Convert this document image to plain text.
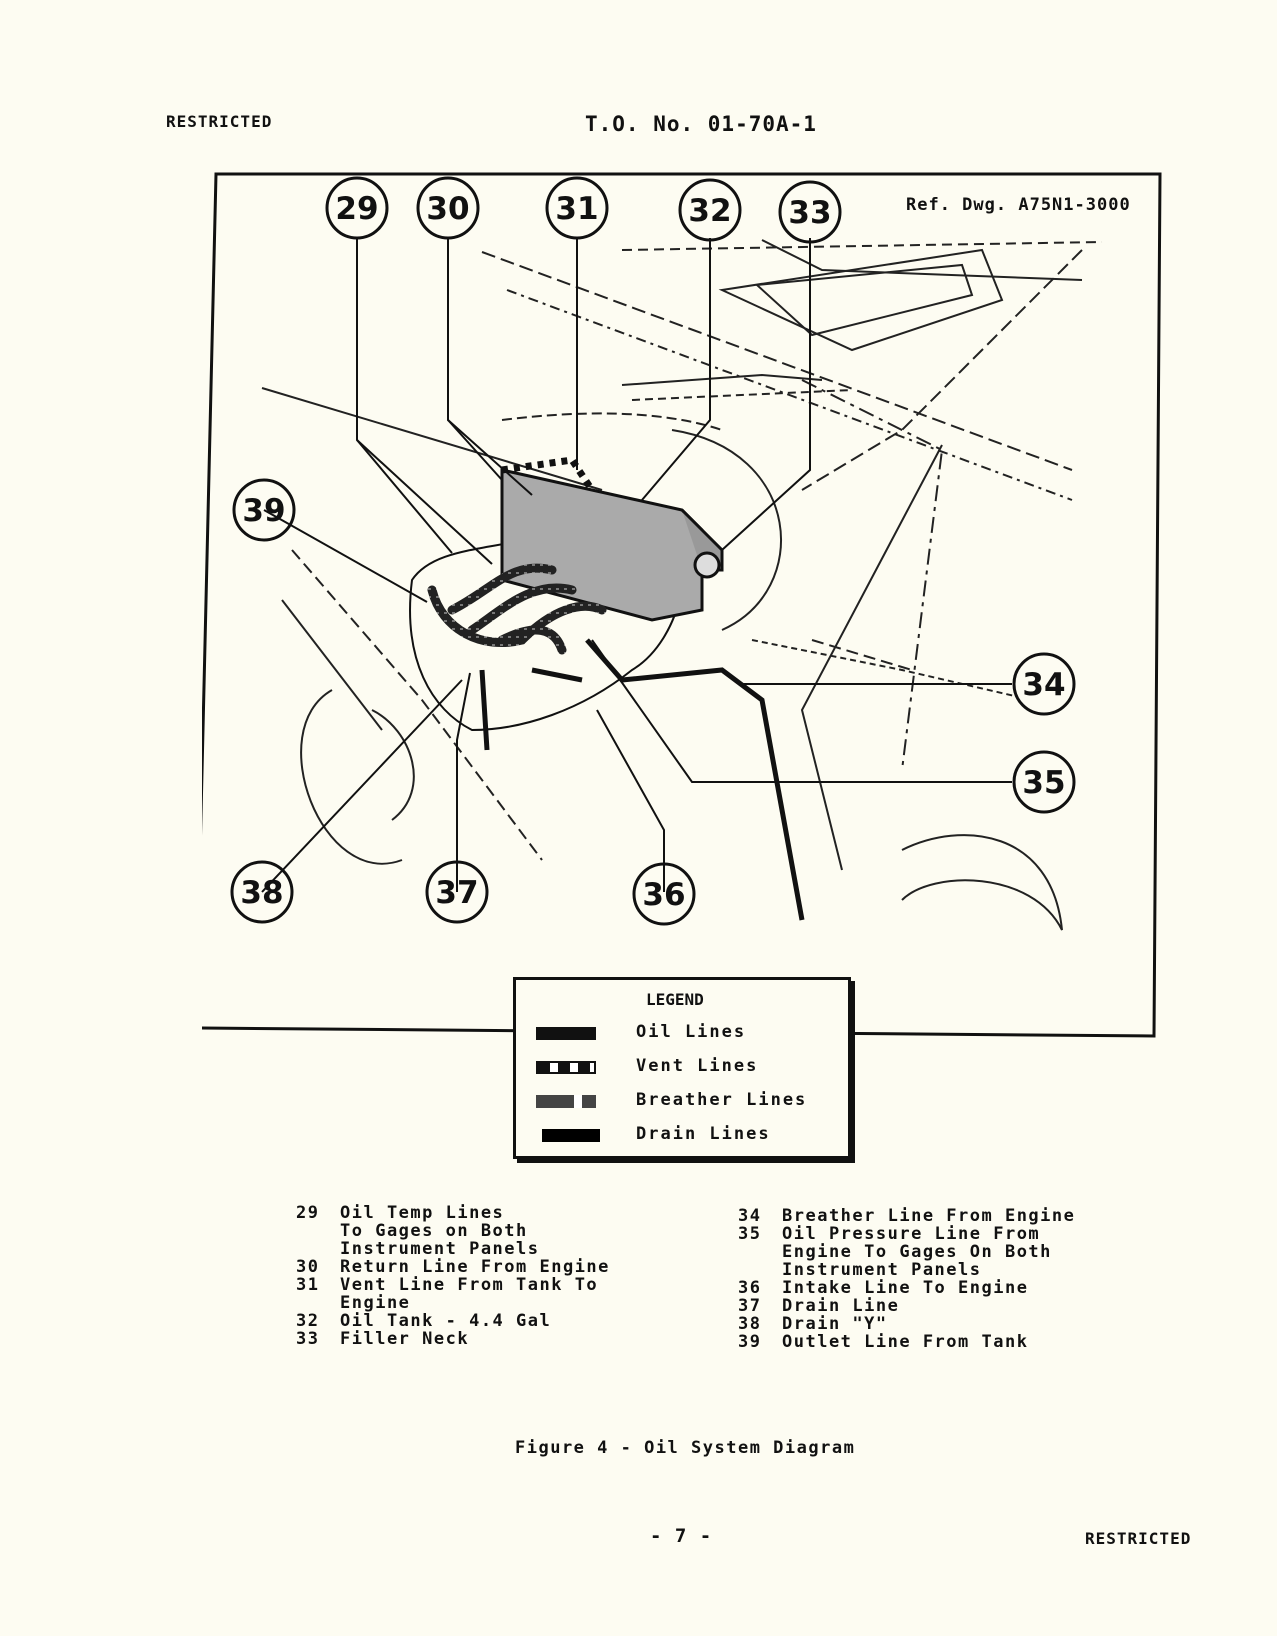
RESTRICTED	T.O. No. 01-70A-1
29 30	31	32 33
34
35
36
37
38
39
Ref. Dwg. A75N1-3000
LEGEND
Oil Lines
Vent Lines
Breather Lines
Drain Lines
29	Oil Temp Lines
To Gages on Both
Instrument Panels
30	Return Line From Engine
31	Vent Line From Tank To
Engine
32	Oil Tank - 4.4 Gal
33	Filler Neck
34	Breather Line From Engine
35	Oil Pressure Line From
Engine To Gages On Both
Instrument Panels
36	Intake Line To Engine
37	Drain Line
38	Drain "Y"
39	Outlet Line From Tank
Figure 4 - Oil System Diagram
- 7 -	RESTRICTED
